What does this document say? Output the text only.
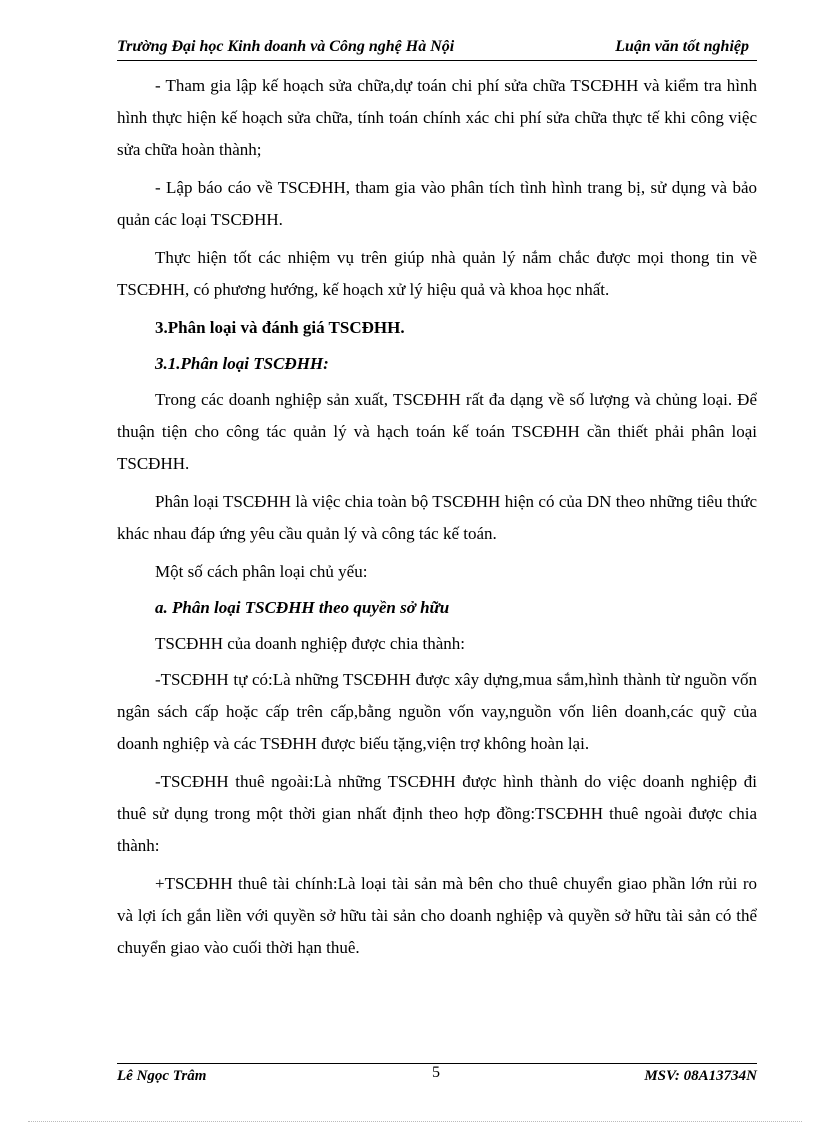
Trường Đại học Kinh doanh và Công nghệ Hà Nội	Luận văn tốt nghiệp

- Tham gia lập kế hoạch sửa chữa,dự toán chi phí sửa chữa TSCĐHH và kiểm tra hình hình thực hiện kế hoạch sửa chữa, tính toán chính xác chi phí sửa chữa thực tế khi công việc sửa chữa hoàn thành;

- Lập báo cáo về TSCĐHH, tham gia vào phân tích tình hình trang bị, sử dụng và bảo quản các loại TSCĐHH.

Thực hiện tốt các nhiệm vụ trên giúp nhà quản lý nắm chắc được mọi thong tin về TSCĐHH, có phương hướng, kế hoạch xử lý hiệu quả và khoa học nhất.

3.Phân loại và đánh giá TSCĐHH.
3.1.Phân loại TSCĐHH:

Trong các doanh nghiệp sản xuất, TSCĐHH rất đa dạng về số lượng và chủng loại. Để thuận tiện cho công tác quản lý và hạch toán kế toán TSCĐHH cần thiết phải phân loại TSCĐHH.

Phân loại TSCĐHH là việc chia toàn bộ TSCĐHH hiện có của DN theo những tiêu thức khác nhau đáp ứng yêu cầu quản lý và công tác kế toán.

Một số cách phân loại chủ yếu:

a. Phân loại TSCĐHH theo quyền sở hữu

TSCĐHH của doanh nghiệp được chia thành:

-TSCĐHH tự có:Là những TSCĐHH được xây dựng,mua sắm,hình thành từ nguồn vốn ngân sách cấp hoặc cấp trên cấp,bằng nguồn vốn vay,nguồn vốn liên doanh,các quỹ của doanh nghiệp và các TSĐHH được biếu tặng,viện trợ không hoàn lại.

-TSCĐHH thuê ngoài:Là những TSCĐHH được hình thành do việc doanh nghiệp đi thuê sử dụng trong một thời gian nhất định theo hợp đồng:TSCĐHH thuê ngoài được chia thành:

+TSCĐHH thuê tài chính:Là loại tài sản mà bên cho thuê chuyển giao phần lớn rủi ro và lợi ích gắn liền với quyền sở hữu tài sản cho doanh nghiệp và quyền sở hữu tài sản có thể chuyển giao vào cuối thời hạn thuê.

Lê Ngọc Trâm	5	MSV: 08A13734N
